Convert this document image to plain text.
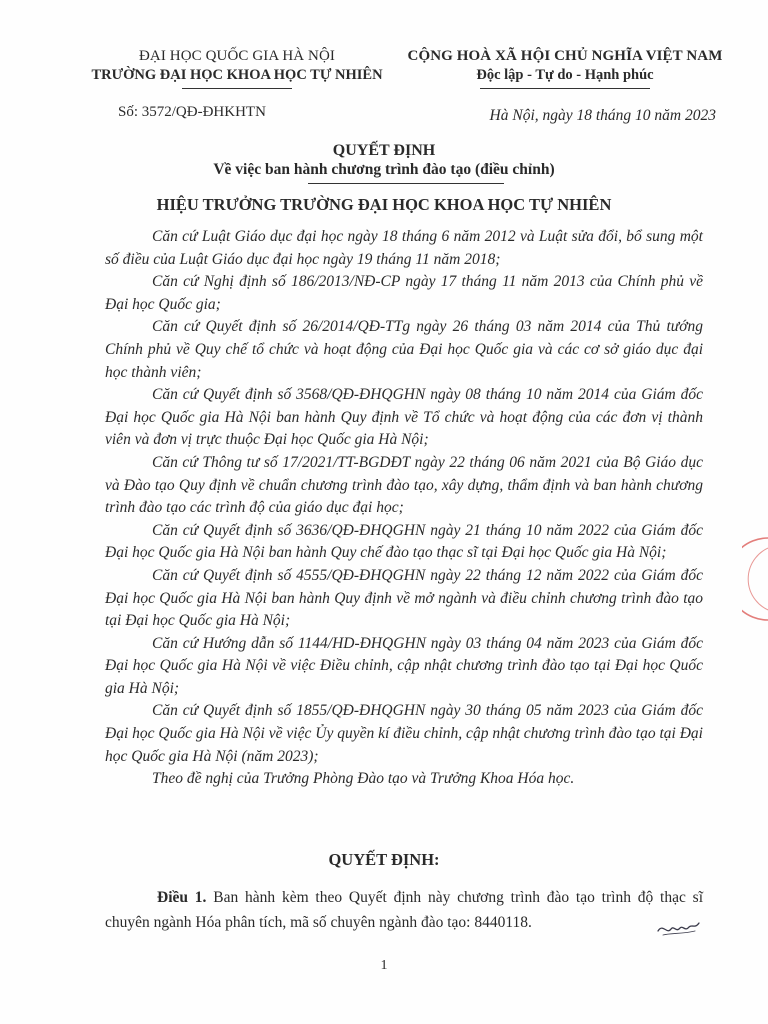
ĐẠI HỌC QUỐC GIA HÀ NỘI
TRƯỜNG ĐẠI HỌC KHOA HỌC TỰ NHIÊN
CỘNG HOÀ XÃ HỘI CHỦ NGHĨA VIỆT NAM
Độc lập - Tự do - Hạnh phúc
Số: 3572/QĐ-ĐHKHTN	Hà Nội, ngày 18 tháng 10 năm 2023
QUYẾT ĐỊNH
Về việc ban hành chương trình đào tạo (điều chỉnh)
HIỆU TRƯỞNG TRƯỜNG ĐẠI HỌC KHOA HỌC TỰ NHIÊN

Căn cứ Luật Giáo dục đại học ngày 18 tháng 6 năm 2012 và Luật sửa đổi, bổ sung một số điều của Luật Giáo dục đại học ngày 19 tháng 11 năm 2018;

Căn cứ Nghị định số 186/2013/NĐ-CP ngày 17 tháng 11 năm 2013 của Chính phủ về Đại học Quốc gia;

Căn cứ Quyết định số 26/2014/QĐ-TTg ngày 26 tháng 03 năm 2014 của Thủ tướng Chính phủ về Quy chế tổ chức và hoạt động của Đại học Quốc gia và các cơ sở giáo dục đại học thành viên;

Căn cứ Quyết định số 3568/QĐ-ĐHQGHN ngày 08 tháng 10 năm 2014 của Giám đốc Đại học Quốc gia Hà Nội ban hành Quy định về Tổ chức và hoạt động của các đơn vị thành viên và đơn vị trực thuộc Đại học Quốc gia Hà Nội;

Căn cứ Thông tư số 17/2021/TT-BGDĐT ngày 22 tháng 06 năm 2021 của Bộ Giáo dục và Đào tạo Quy định về chuẩn chương trình đào tạo, xây dựng, thẩm định và ban hành chương trình đào tạo các trình độ của giáo dục đại học;

Căn cứ Quyết định số 3636/QĐ-ĐHQGHN ngày 21 tháng 10 năm 2022 của Giám đốc Đại học Quốc gia Hà Nội ban hành Quy chế đào tạo thạc sĩ tại Đại học Quốc gia Hà Nội;

Căn cứ Quyết định số 4555/QĐ-ĐHQGHN ngày 22 tháng 12 năm 2022 của Giám đốc Đại học Quốc gia Hà Nội ban hành Quy định về mở ngành và điều chỉnh chương trình đào tạo tại Đại học Quốc gia Hà Nội;

Căn cứ Hướng dẫn số 1144/HD-ĐHQGHN ngày 03 tháng 04 năm 2023 của Giám đốc Đại học Quốc gia Hà Nội về việc Điều chỉnh, cập nhật chương trình đào tạo tại Đại học Quốc gia Hà Nội;

Căn cứ Quyết định số 1855/QĐ-ĐHQGHN ngày 30 tháng 05 năm 2023 của Giám đốc Đại học Quốc gia Hà Nội về việc Ủy quyền kí điều chỉnh, cập nhật chương trình đào tạo tại Đại học Quốc gia Hà Nội (năm 2023);

Theo đề nghị của Trưởng Phòng Đào tạo và Trưởng Khoa Hóa học.

QUYẾT ĐỊNH:
Điều 1. Ban hành kèm theo Quyết định này chương trình đào tạo trình độ thạc sĩ chuyên ngành Hóa phân tích, mã số chuyên ngành đào tạo: 8440118.
1
